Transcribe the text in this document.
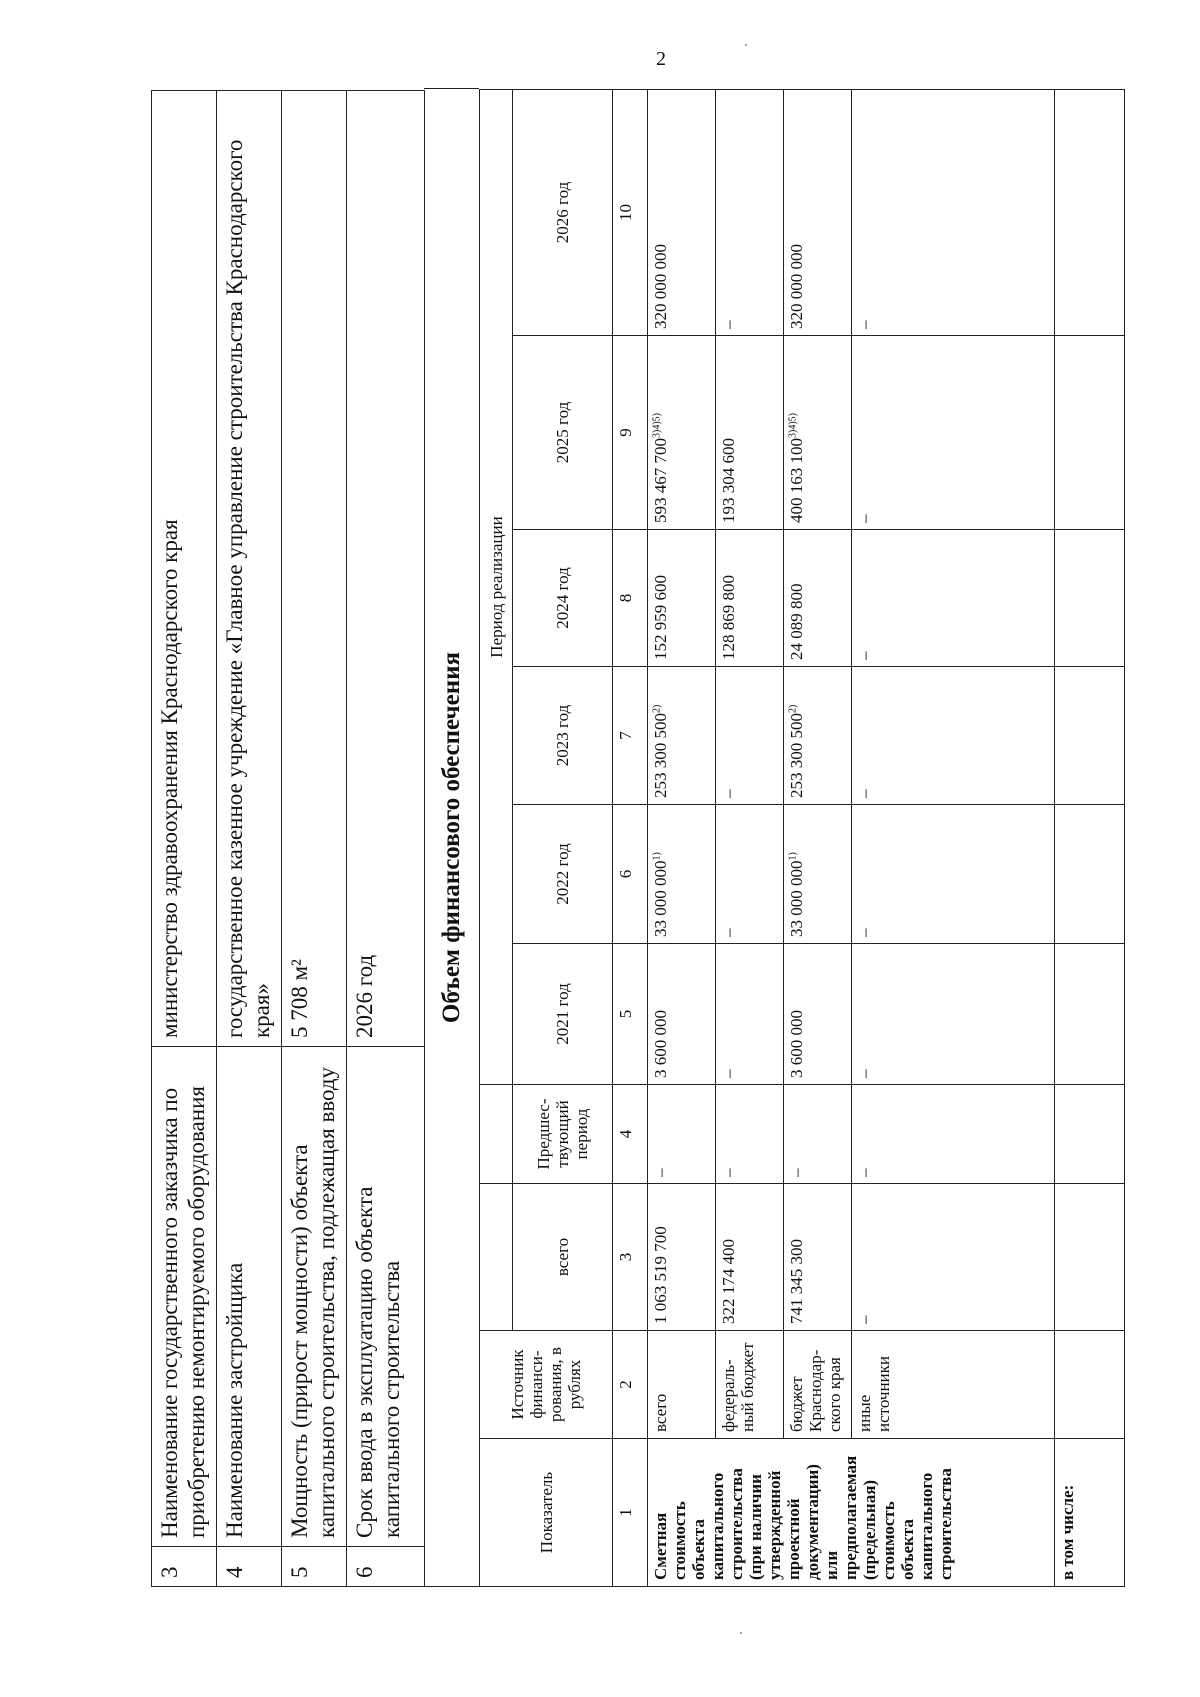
2
3	Наименование государственного заказчика по приобретению немонтируемого оборудования	министерство здравоохранения Краснодарского края
4	Наименование застройщика	государственное казенное учреждение «Главное управление строительства Краснодарского края»
5	Мощность (прирост мощности) объекта капитального строительства, подлежащая вводу	5 708 м²
6	Срок ввода в эксплуатацию объекта капитального строительства	2026 год	Объем финансового обеспечения
Показатель	Источник финанси-рования, в рублях			Период реализации					
		всего	Предшес-твующий период	2021 год	2022 год	2023 год	2024 год	2025 год	2026 год
1	2	3	4	5	6	7	8	9	10
Сметная стоимость объекта капитального строительства (при наличии утвержденной проектной документации) или предполагаемая (предельная) стоимость объекта капитального строительства	всего	1 063 519 700	–	3 600 000	33 000 000$^{1)}$	253 300 500$^{2)}$	152 959 600	593 467 $700^{3)4)5)}$	320 000 000
	федераль-ный бюджет	322 174 400	–	–	–	–	128 869 800	193 304 600	–
	бюджет Краснодар-ского края	741 345 300	–	3 600 000	33 000 000$^{1)}$	253 300 500$^{2)}$	24 089 800	400 163 $100^{3)4)5)}$	320 000 000
	иные источники	–	–	–	–	–	–	–	–
в том числе:									
